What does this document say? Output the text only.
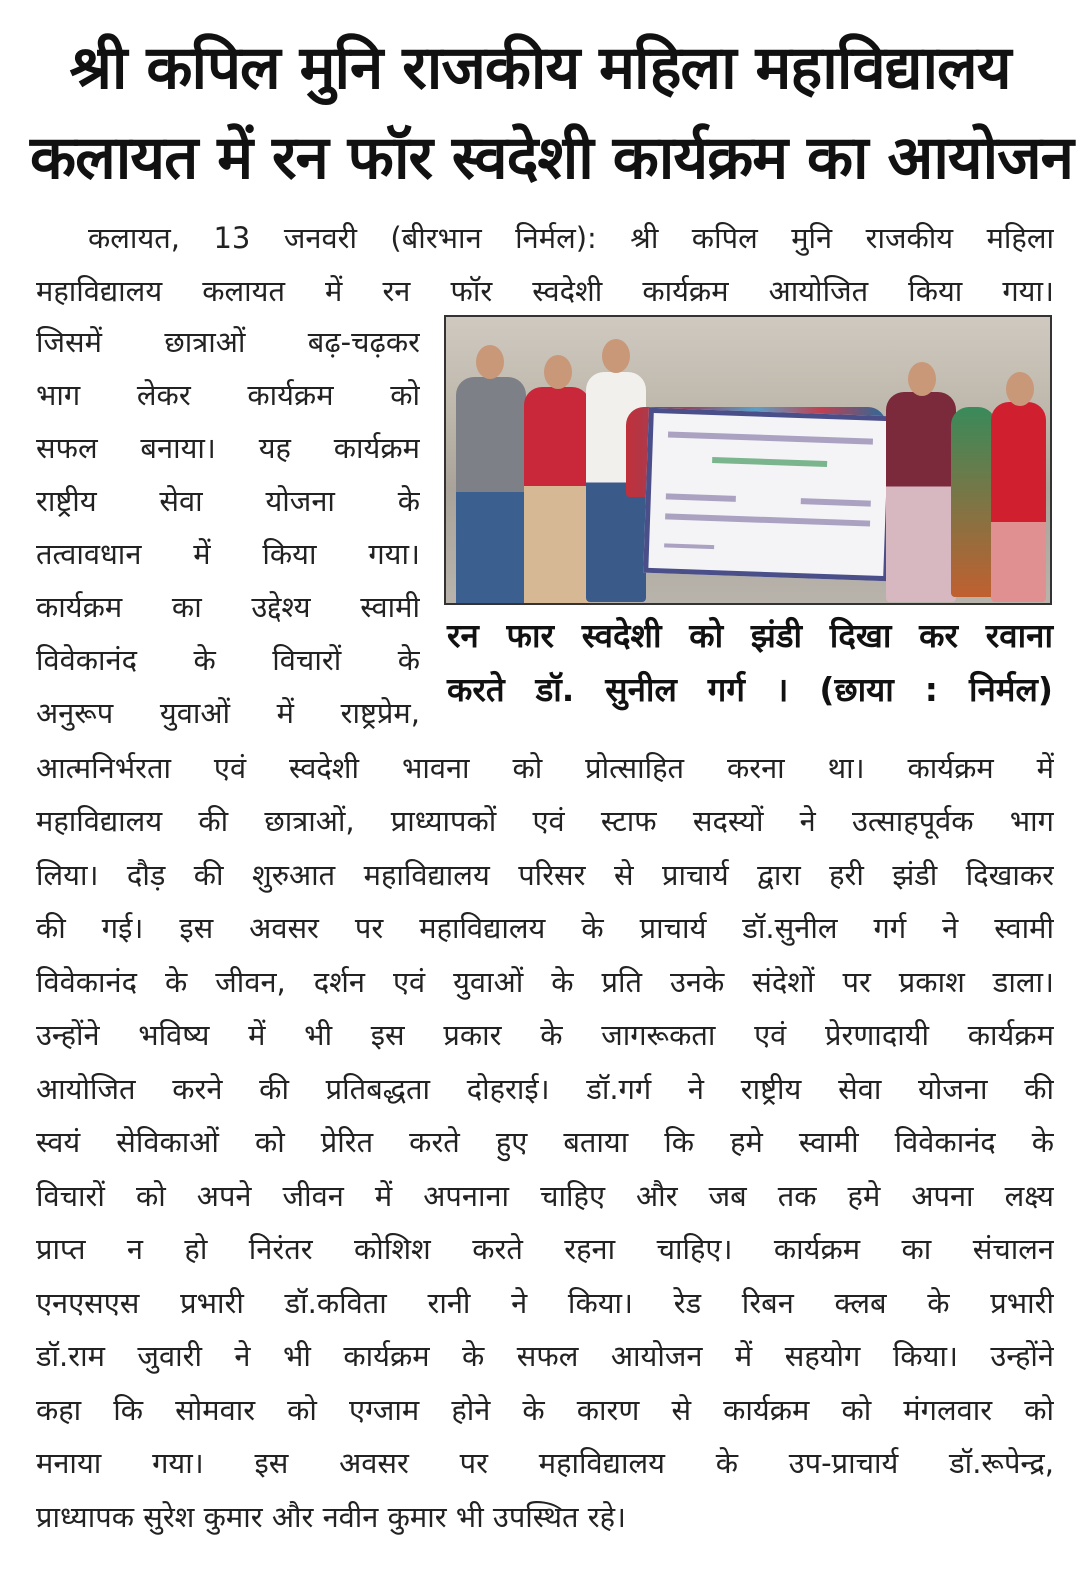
श्री कपिल मुनि राजकीय महिला महाविद्यालय
कलायत में रन फॉर स्वदेशी कार्यक्रम का आयोजन
कलायत, 13 जनवरी (बीरभान निर्मल): श्री कपिल मुनि राजकीय महिला
महाविद्यालय कलायत में रन फॉर स्वदेशी कार्यक्रम आयोजित किया गया।
जिसमें छात्राओं बढ़-चढ़कर
भाग लेकर कार्यक्रम को
सफल बनाया। यह कार्यक्रम
राष्ट्रीय सेवा योजना के
तत्वावधान में किया गया।
कार्यक्रम का उद्देश्य स्वामी
विवेकानंद के विचारों के
अनुरूप युवाओं में राष्ट्रप्रेम,
रन फार स्वदेशी को झंडी दिखा कर रवाना
करते डॉ. सुनील गर्ग । (छाया : निर्मल)
आत्मनिर्भरता एवं स्वदेशी भावना को प्रोत्साहित करना था। कार्यक्रम में
महाविद्यालय की छात्राओं, प्राध्यापकों एवं स्टाफ सदस्यों ने उत्साहपूर्वक भाग
लिया। दौड़ की शुरुआत महाविद्यालय परिसर से प्राचार्य द्वारा हरी झंडी दिखाकर
की गई। इस अवसर पर महाविद्यालय के प्राचार्य डॉ.सुनील गर्ग ने स्वामी
विवेकानंद के जीवन, दर्शन एवं युवाओं के प्रति उनके संदेशों पर प्रकाश डाला।
उन्होंने भविष्य में भी इस प्रकार के जागरूकता एवं प्रेरणादायी कार्यक्रम
आयोजित करने की प्रतिबद्धता दोहराई। डॉ.गर्ग ने राष्ट्रीय सेवा योजना की
स्वयं सेविकाओं को प्रेरित करते हुए बताया कि हमे स्वामी विवेकानंद के
विचारों को अपने जीवन में अपनाना चाहिए और जब तक हमे अपना लक्ष्य
प्राप्त न हो निरंतर कोशिश करते रहना चाहिए। कार्यक्रम का संचालन
एनएसएस प्रभारी डॉ.कविता रानी ने किया। रेड रिबन क्लब के प्रभारी
डॉ.राम जुवारी ने भी कार्यक्रम के सफल आयोजन में सहयोग किया। उन्होंने
कहा कि सोमवार को एग्जाम होने के कारण से कार्यक्रम को मंगलवार को
मनाया गया। इस अवसर पर महाविद्यालय के उप-प्राचार्य डॉ.रूपेन्द्र,
प्राध्यापक सुरेश कुमार और नवीन कुमार भी उपस्थित रहे।
